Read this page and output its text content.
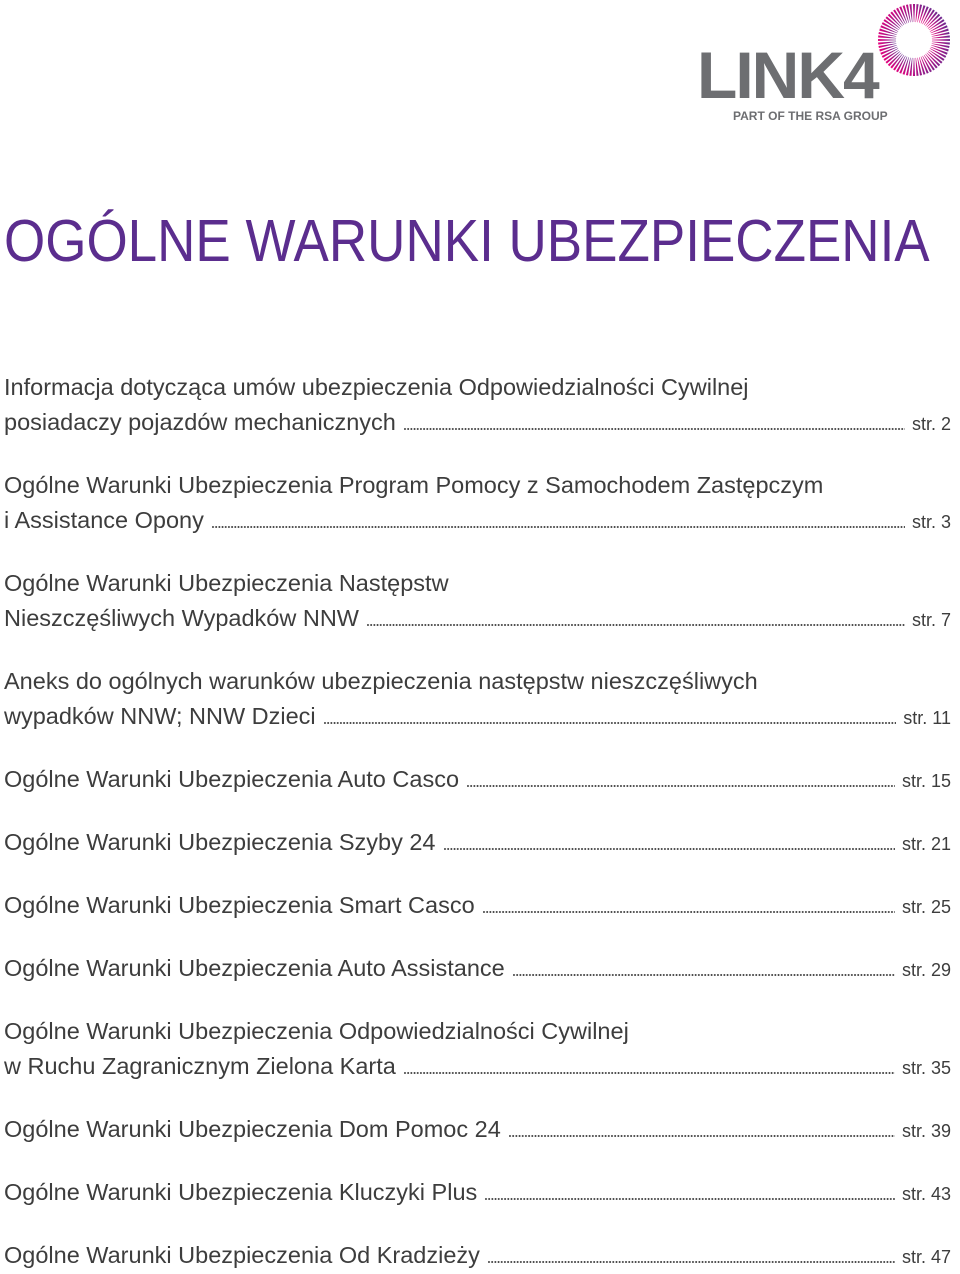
LINK4
PART OF THE RSA GROUP
OGÓLNE WARUNKI UBEZPIECZENIA
Informacja dotycząca umów ubezpieczenia Odpowiedzialności Cywilnej
posiadaczy pojazdów mechanicznych	str. 2
Ogólne Warunki Ubezpieczenia Program Pomocy z Samochodem Zastępczym
i Assistance Opony	str. 3
Ogólne Warunki Ubezpieczenia Następstw
Nieszczęśliwych Wypadków NNW	str. 7
Aneks do ogólnych warunków ubezpieczenia następstw nieszczęśliwych
wypadków NNW; NNW Dzieci	str. 11
Ogólne Warunki Ubezpieczenia Auto Casco	str. 15
Ogólne Warunki Ubezpieczenia Szyby 24	str. 21
Ogólne Warunki Ubezpieczenia Smart Casco	str. 25
Ogólne Warunki Ubezpieczenia Auto Assistance	str. 29
Ogólne Warunki Ubezpieczenia Odpowiedzialności Cywilnej
w Ruchu Zagranicznym Zielona Karta	str. 35
Ogólne Warunki Ubezpieczenia Dom Pomoc 24	str. 39
Ogólne Warunki Ubezpieczenia Kluczyki Plus	str. 43
Ogólne Warunki Ubezpieczenia Od Kradzieży	str. 47
